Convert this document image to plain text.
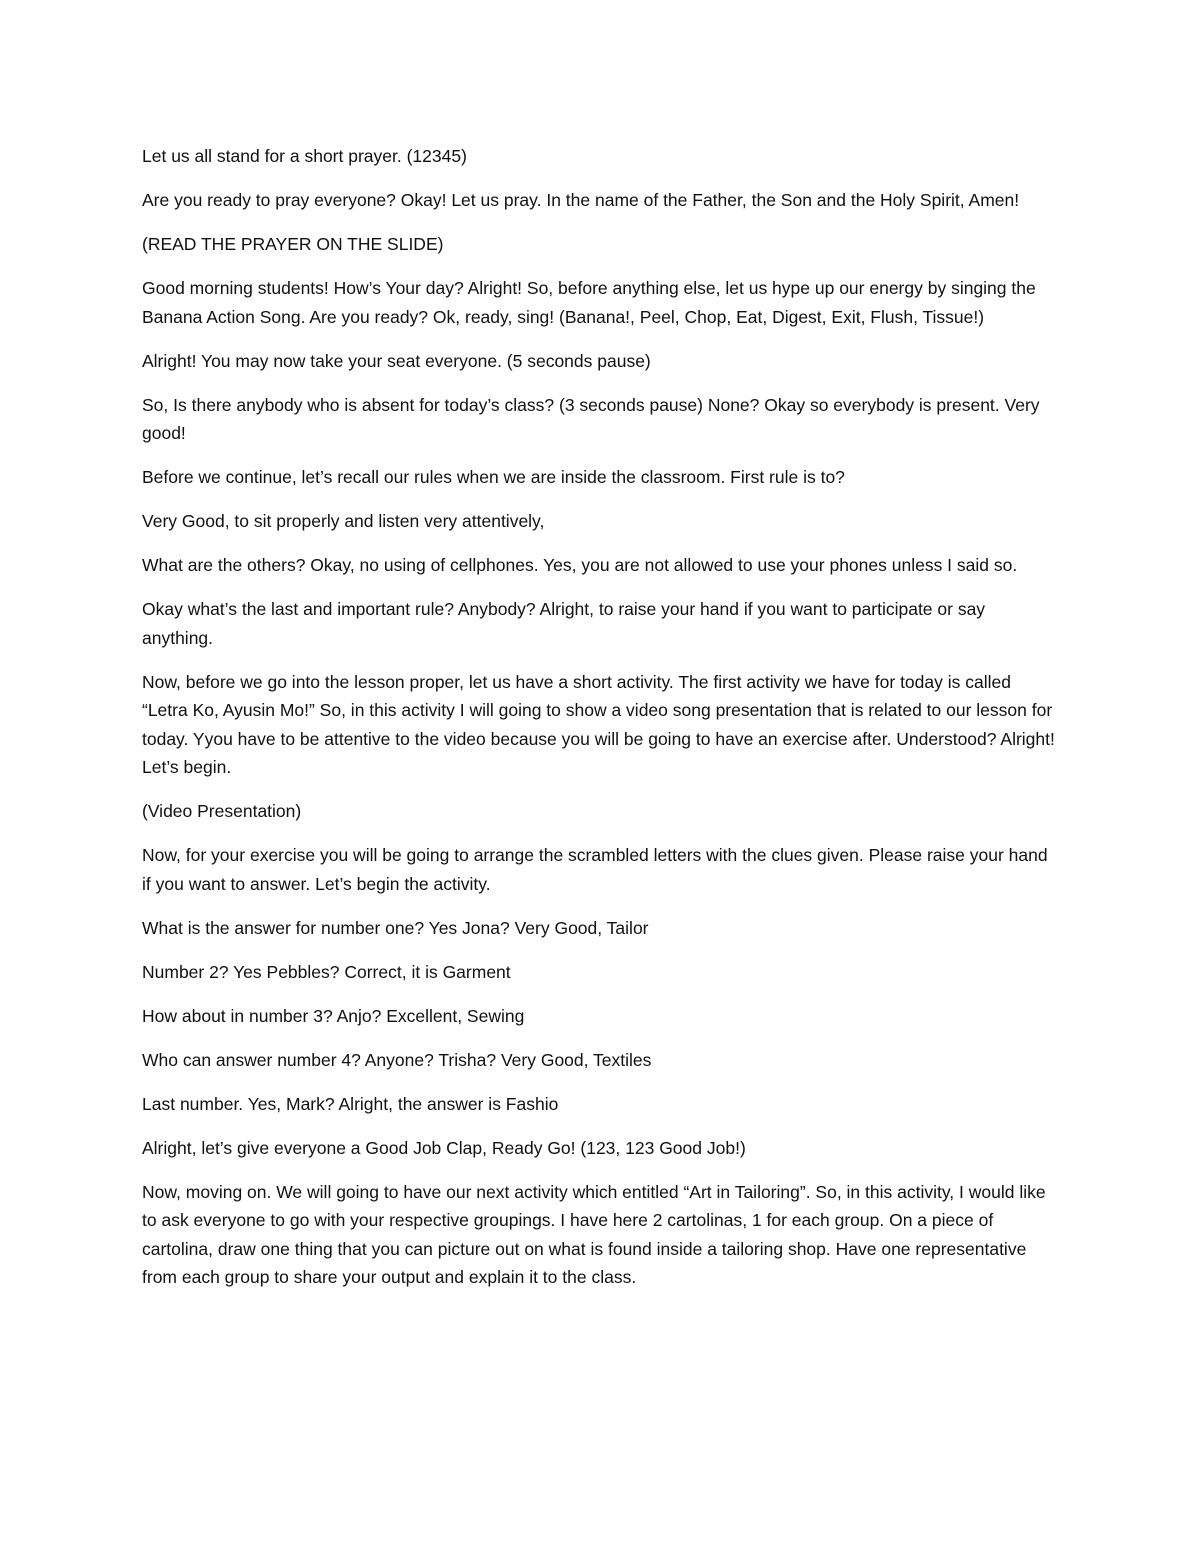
Let us all stand for a short prayer. (12345)

Are you ready to pray everyone? Okay! Let us pray. In the name of the Father, the Son and the Holy Spirit, Amen!

(READ THE PRAYER ON THE SLIDE)

Good morning students! How’s Your day? Alright! So, before anything else, let us hype up our energy by singing the Banana Action Song. Are you ready? Ok, ready, sing! (Banana!, Peel, Chop, Eat, Digest, Exit, Flush, Tissue!)

Alright! You may now take your seat everyone. (5 seconds pause)

So, Is there anybody who is absent for today’s class? (3 seconds pause) None? Okay so everybody is present. Very good!

Before we continue, let’s recall our rules when we are inside the classroom. First rule is to?

Very Good, to sit properly and listen very attentively,

What are the others? Okay, no using of cellphones. Yes, you are not allowed to use your phones unless I said so.

Okay what’s the last and important rule? Anybody? Alright, to raise your hand if you want to participate or say anything.

Now, before we go into the lesson proper, let us have a short activity. The first activity we have for today is called “Letra Ko, Ayusin Mo!” So, in this activity I will going to show a video song presentation that is related to our lesson for today. Yyou have to be attentive to the video because you will be going to have an exercise after. Understood? Alright! Let’s begin.

(Video Presentation)

Now, for your exercise you will be going to arrange the scrambled letters with the clues given. Please raise your hand if you want to answer. Let’s begin the activity.

What is the answer for number one? Yes Jona? Very Good, Tailor

Number 2? Yes Pebbles? Correct, it is Garment

How about in number 3? Anjo? Excellent, Sewing

Who can answer number 4? Anyone? Trisha? Very Good, Textiles

Last number. Yes, Mark? Alright, the answer is Fashio

Alright, let’s give everyone a Good Job Clap, Ready Go! (123, 123 Good Job!)

Now, moving on. We will going to have our next activity which entitled “Art in Tailoring”. So, in this activity, I would like to ask everyone to go with your respective groupings. I have here 2 cartolinas, 1 for each group. On a piece of cartolina, draw one thing that you can picture out on what is found inside a tailoring shop. Have one representative from each group to share your output and explain it to the class.
